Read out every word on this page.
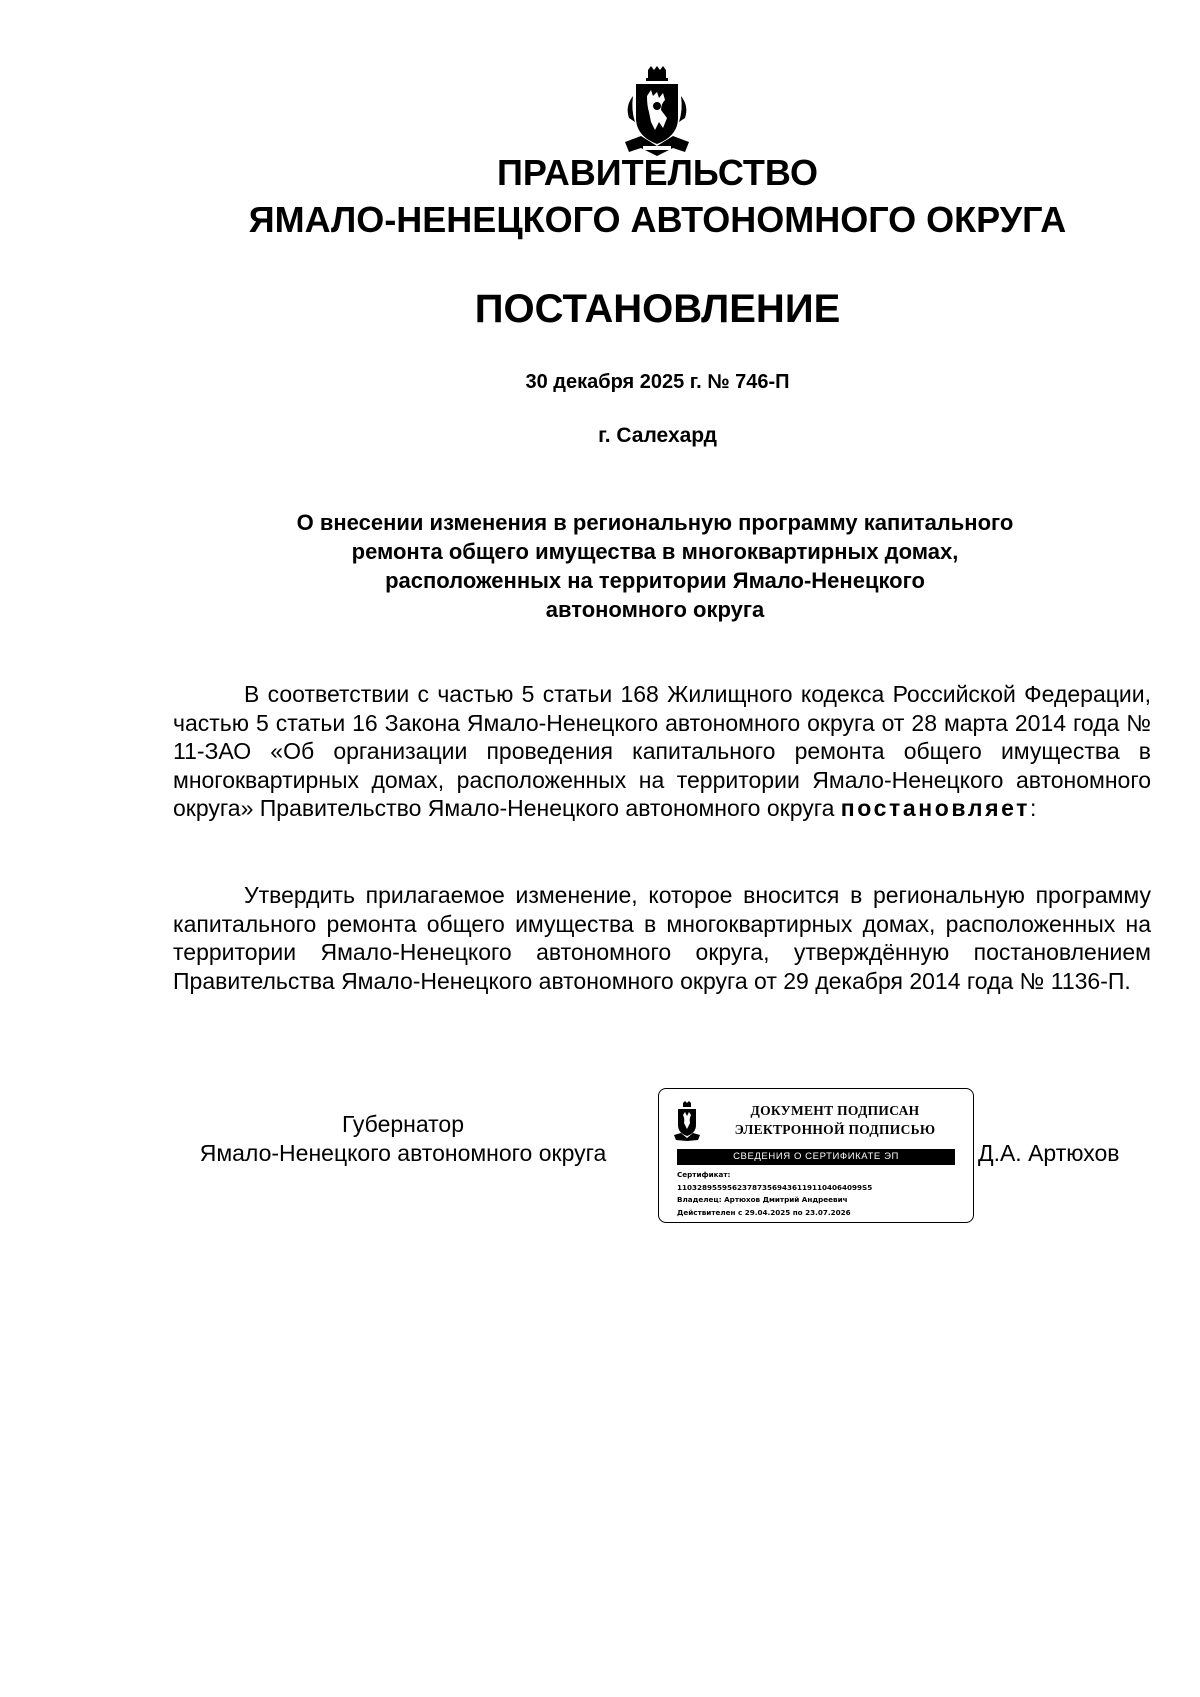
ПРАВИТЕЛЬСТВО
ЯМАЛО-НЕНЕЦКОГО АВТОНОМНОГО ОКРУГА
ПОСТАНОВЛЕНИЕ
30 декабря 2025 г. № 746-П
г. Салехард
О внесении изменения в региональную программу капитального
ремонта общего имущества в многоквартирных домах,
расположенных на территории Ямало-Ненецкого
автономного округа

В соответствии с частью 5 статьи 168 Жилищного кодекса Российской Федерации, частью 5 статьи 16 Закона Ямало-Ненецкого автономного округа от 28 марта 2014 года № 11-ЗАО «Об организации проведения капитального ремонта общего имущества в многоквартирных домах, расположенных на территории Ямало-Ненецкого автономного округа» Правительство Ямало-Ненецкого автономного округа постановляет:

Утвердить прилагаемое изменение, которое вносится в региональную программу капитального ремонта общего имущества в многоквартирных домах, расположенных на территории Ямало-Ненецкого автономного округа, утверждённую постановлением Правительства Ямало-Ненецкого автономного округа от 29 декабря 2014 года № 1136-П.

Губернатор
Ямало-Ненецкого автономного округа
ДОКУМЕНТ ПОДПИСАН
ЭЛЕКТРОННОЙ ПОДПИСЬЮ
СВЕДЕНИЯ О СЕРТИФИКАТЕ ЭП
Сертификат:
1103289559562378735694361191104064099S5
Владелец: Артюхов Дмитрий Андреевич
Действителен с 29.04.2025 по 23.07.2026
Д.А. Артюхов
